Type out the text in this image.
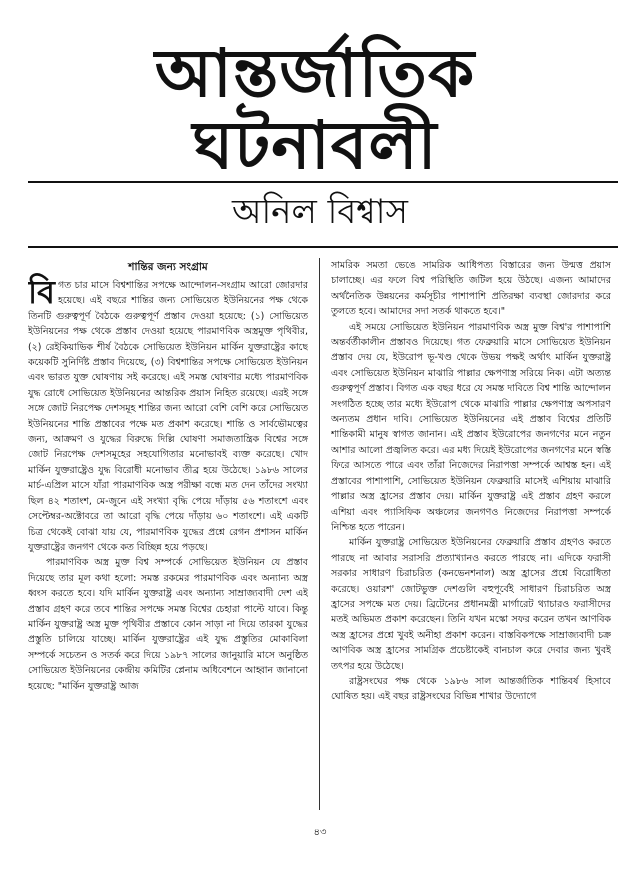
আন্তর্জাতিক
ঘটনাবলী
অনিল বিশ্বাস
শান্তির জন্য সংগ্রাম

বিগত চার মাসে বিশ্বশান্তির সপক্ষে আন্দোলন-সংগ্রাম আরো জোরদার হয়েছে। এই বছরে শান্তির জন্য সোভিয়েত ইউনিয়নের পক্ষ থেকে তিনটি গুরুত্বপূর্ণ বৈঠকে গুরুত্বপূর্ণ প্রস্তাব দেওয়া হয়েছে: (১) সোভিয়েত ইউনিয়নের পক্ষ থেকে প্রস্তাব দেওয়া হয়েছে পারমাণবিক অস্ত্রমুক্ত পৃথিবীর, (২) রেইকিয়াভিক শীর্ষ বৈঠকে সোভিয়েত ইউনিয়ন মার্কিন যুক্তরাষ্ট্রের কাছে কয়েকটি সুনির্দিষ্ট প্রস্তাব দিয়েছে, (৩) বিশ্বশান্তির সপক্ষে সোভিয়েত ইউনিয়ন এবং ভারত যুক্ত ঘোষণায় সই করেছে। এই সমস্ত ঘোষণার মধ্যে পারমাণবিক যুদ্ধ রোধে সোভিয়েত ইউনিয়নের আন্তরিক প্রয়াস নিহিত রয়েছে। এরই সঙ্গে সঙ্গে জোট নিরপেক্ষ দেশসমূহ শান্তির জন্য আরো বেশি বেশি করে সোভিয়েত ইউনিয়নের শান্তি প্রস্তাবের পক্ষে মত প্রকাশ করেছে। শান্তি ও সার্বভৌমত্বের জন্য, আক্রমণ ও যুদ্ধের বিরুদ্ধে দিল্লি ঘোষণা সমাজতান্ত্রিক বিশ্বের সঙ্গে জোট নিরপেক্ষ দেশসমূহের সহযোগিতার মনোভাবই ব্যক্ত করেছে। খোদ মার্কিন যুক্তরাষ্ট্রেও যুদ্ধ বিরোধী মনোভাব তীব্র হয়ে উঠেছে। ১৯৮৬ সালের মার্চ-এপ্রিল মাসে যাঁরা পারমাণবিক অস্ত্র পরীক্ষা বন্ধে মত দেন তাঁদের সংখ্যা ছিল ৪২ শতাংশ, মে-জুনে এই সংখ্যা বৃদ্ধি পেয়ে দাঁড়ায় ৫৬ শতাংশে এবং সেপ্টেম্বর-অক্টোবরে তা আরো বৃদ্ধি পেয়ে দাঁড়ায় ৬০ শতাংশে। এই একটি চিত্র থেকেই বোঝা যায় যে, পারমাণবিক যুদ্ধের প্রশ্নে রেগন প্রশাসন মার্কিন যুক্তরাষ্ট্রের জনগণ থেকে কত বিচ্ছিন্ন হয়ে পড়ছে।

পারমাণবিক অস্ত্র মুক্ত বিশ্ব সম্পর্কে সোভিয়েত ইউনিয়ন যে প্রস্তাব দিয়েছে তার মূল কথা হলো: সমস্ত রকমের পারমাণবিক এবং অন্যান্য অস্ত্র ধ্বংস করতে হবে। যদি মার্কিন যুক্তরাষ্ট্র এবং অন্যান্য সাম্রাজ্যবাদী দেশ এই প্রস্তাব গ্রহণ করে তবে শান্তির সপক্ষে সমস্ত বিশ্বের চেহারা পাল্টে যাবে। কিন্তু মার্কিন যুক্তরাষ্ট্র অস্ত্র মুক্ত পৃথিবীর প্রস্তাবে কোন সাড়া না দিয়ে তারকা যুদ্ধের প্রস্তুতি চালিয়ে যাচ্ছে। মার্কিন যুক্তরাষ্ট্রের এই যুদ্ধ প্রস্তুতির মোকাবিলা সম্পর্কে সচেতন ও সতর্ক করে দিয়ে ১৯৮৭ সালের জানুয়ারি মাসে অনুষ্ঠিত সোভিয়েত ইউনিয়নের কেন্দ্রীয় কমিটির প্লেনাম অধিবেশনে আহ্বান জানানো হয়েছে: "মার্কিন যুক্তরাষ্ট্র আজ

সামরিক সমতা ভেঙে সামরিক আধিপত্য বিস্তারের জন্য উন্মত্ত প্রয়াস চালাচ্ছে। এর ফলে বিশ্ব পরিস্থিতি জটিল হয়ে উঠছে। এজন্য আমাদের অর্থনৈতিক উন্নয়নের কর্মসূচীর পাশাপাশি প্রতিরক্ষা ব্যবস্থা জোরদার করে তুলতে হবে। আমাদের সদা সতর্ক থাকতে হবে।"

এই সময়ে সোভিয়েত ইউনিয়ন পারমাণবিক অস্ত্র মুক্ত বিশ্ব'র পাশাপাশি অন্তর্বর্তীকালীন প্রস্তাবও দিয়েছে। গত ফেব্রুয়ারি মাসে সোভিয়েত ইউনিয়ন প্রস্তাব দেয় যে, ইউরোপ ভূ-খণ্ড থেকে উভয় পক্ষই অর্থাৎ মার্কিন যুক্তরাষ্ট্র এবং সোভিয়েত ইউনিয়ন মাঝারি পাল্লার ক্ষেপণাস্ত্র সরিয়ে নিক। এটা অত্যন্ত গুরুত্বপূর্ণ প্রস্তাব। বিগত এক বছর ধরে যে সমস্ত দাবিতে বিশ্ব শান্তি আন্দোলন সংগঠিত হচ্ছে তার মধ্যে ইউরোপ থেকে মাঝারি পাল্লার ক্ষেপণাস্ত্র অপসারণ অন্যতম প্রধান দাবি। সোভিয়েত ইউনিয়নের এই প্রস্তাব বিশ্বের প্রতিটি শান্তিকামী মানুষ স্বাগত জানান। এই প্রস্তাব ইউরোপের জনগণের মনে নতুন আশার আলো প্রজ্বলিত করে। এর মধ্য দিয়েই ইউরোপের জনগণের মনে স্বস্তি ফিরে আসতে পারে এবং তাঁরা নিজেদের নিরাপত্তা সম্পর্কে আশ্বস্ত হন। এই প্রস্তাবের পাশাপাশি, সোভিয়েত ইউনিয়ন ফেব্রুয়ারি মাসেই এশিয়ায় মাঝারি পাল্লার অস্ত্র হ্রাসের প্রস্তাব দেয়। মার্কিন যুক্তরাষ্ট্র এই প্রস্তাব গ্রহণ করলে এশিয়া এবং প্যাসিফিক অঞ্চলের জনগণও নিজেদের নিরাপত্তা সম্পর্কে নিশ্চিন্ত হতে পারেন।

মার্কিন যুক্তরাষ্ট্র সোভিয়েত ইউনিয়নের ফেব্রুয়ারি প্রস্তাব গ্রহণও করতে পারছে না আবার সরাসরি প্রত্যাখ্যানও করতে পারছে না। এদিকে ফরাসী সরকার সাধারণ চিরাচরিত (কনভেনশনাল) অস্ত্র হ্রাসের প্রশ্নে বিরোধিতা করেছে। ওয়ারশ' জোটভুক্ত দেশগুলি বহুপূর্বেই সাধারণ চিরাচরিত অস্ত্র হ্রাসের সপক্ষে মত দেয়। ব্রিটেনের প্রধানমন্ত্রী মার্গারেট থ্যাচারও ফরাসীদের মতই অভিমত প্রকাশ করেছেন। তিনি যখন মস্কো সফর করেন তখন আণবিক অস্ত্র হ্রাসের প্রশ্নে খুবই অনীহা প্রকাশ করেন। বাস্তবিকপক্ষে সাম্রাজ্যবাদী চক্র আণবিক অস্ত্র হ্রাসের সামগ্রিক প্রচেষ্টাকেই বানচাল করে দেবার জন্য খুবই তৎপর হয়ে উঠেছে।

রাষ্ট্রসংঘের পক্ষ থেকে ১৯৮৬ সাল আন্তর্জাতিক শান্তিবর্ষ হিসাবে ঘোষিত হয়। এই বছর রাষ্ট্রসংঘের বিভিন্ন শাখার উদ্যোগে

৪৩
